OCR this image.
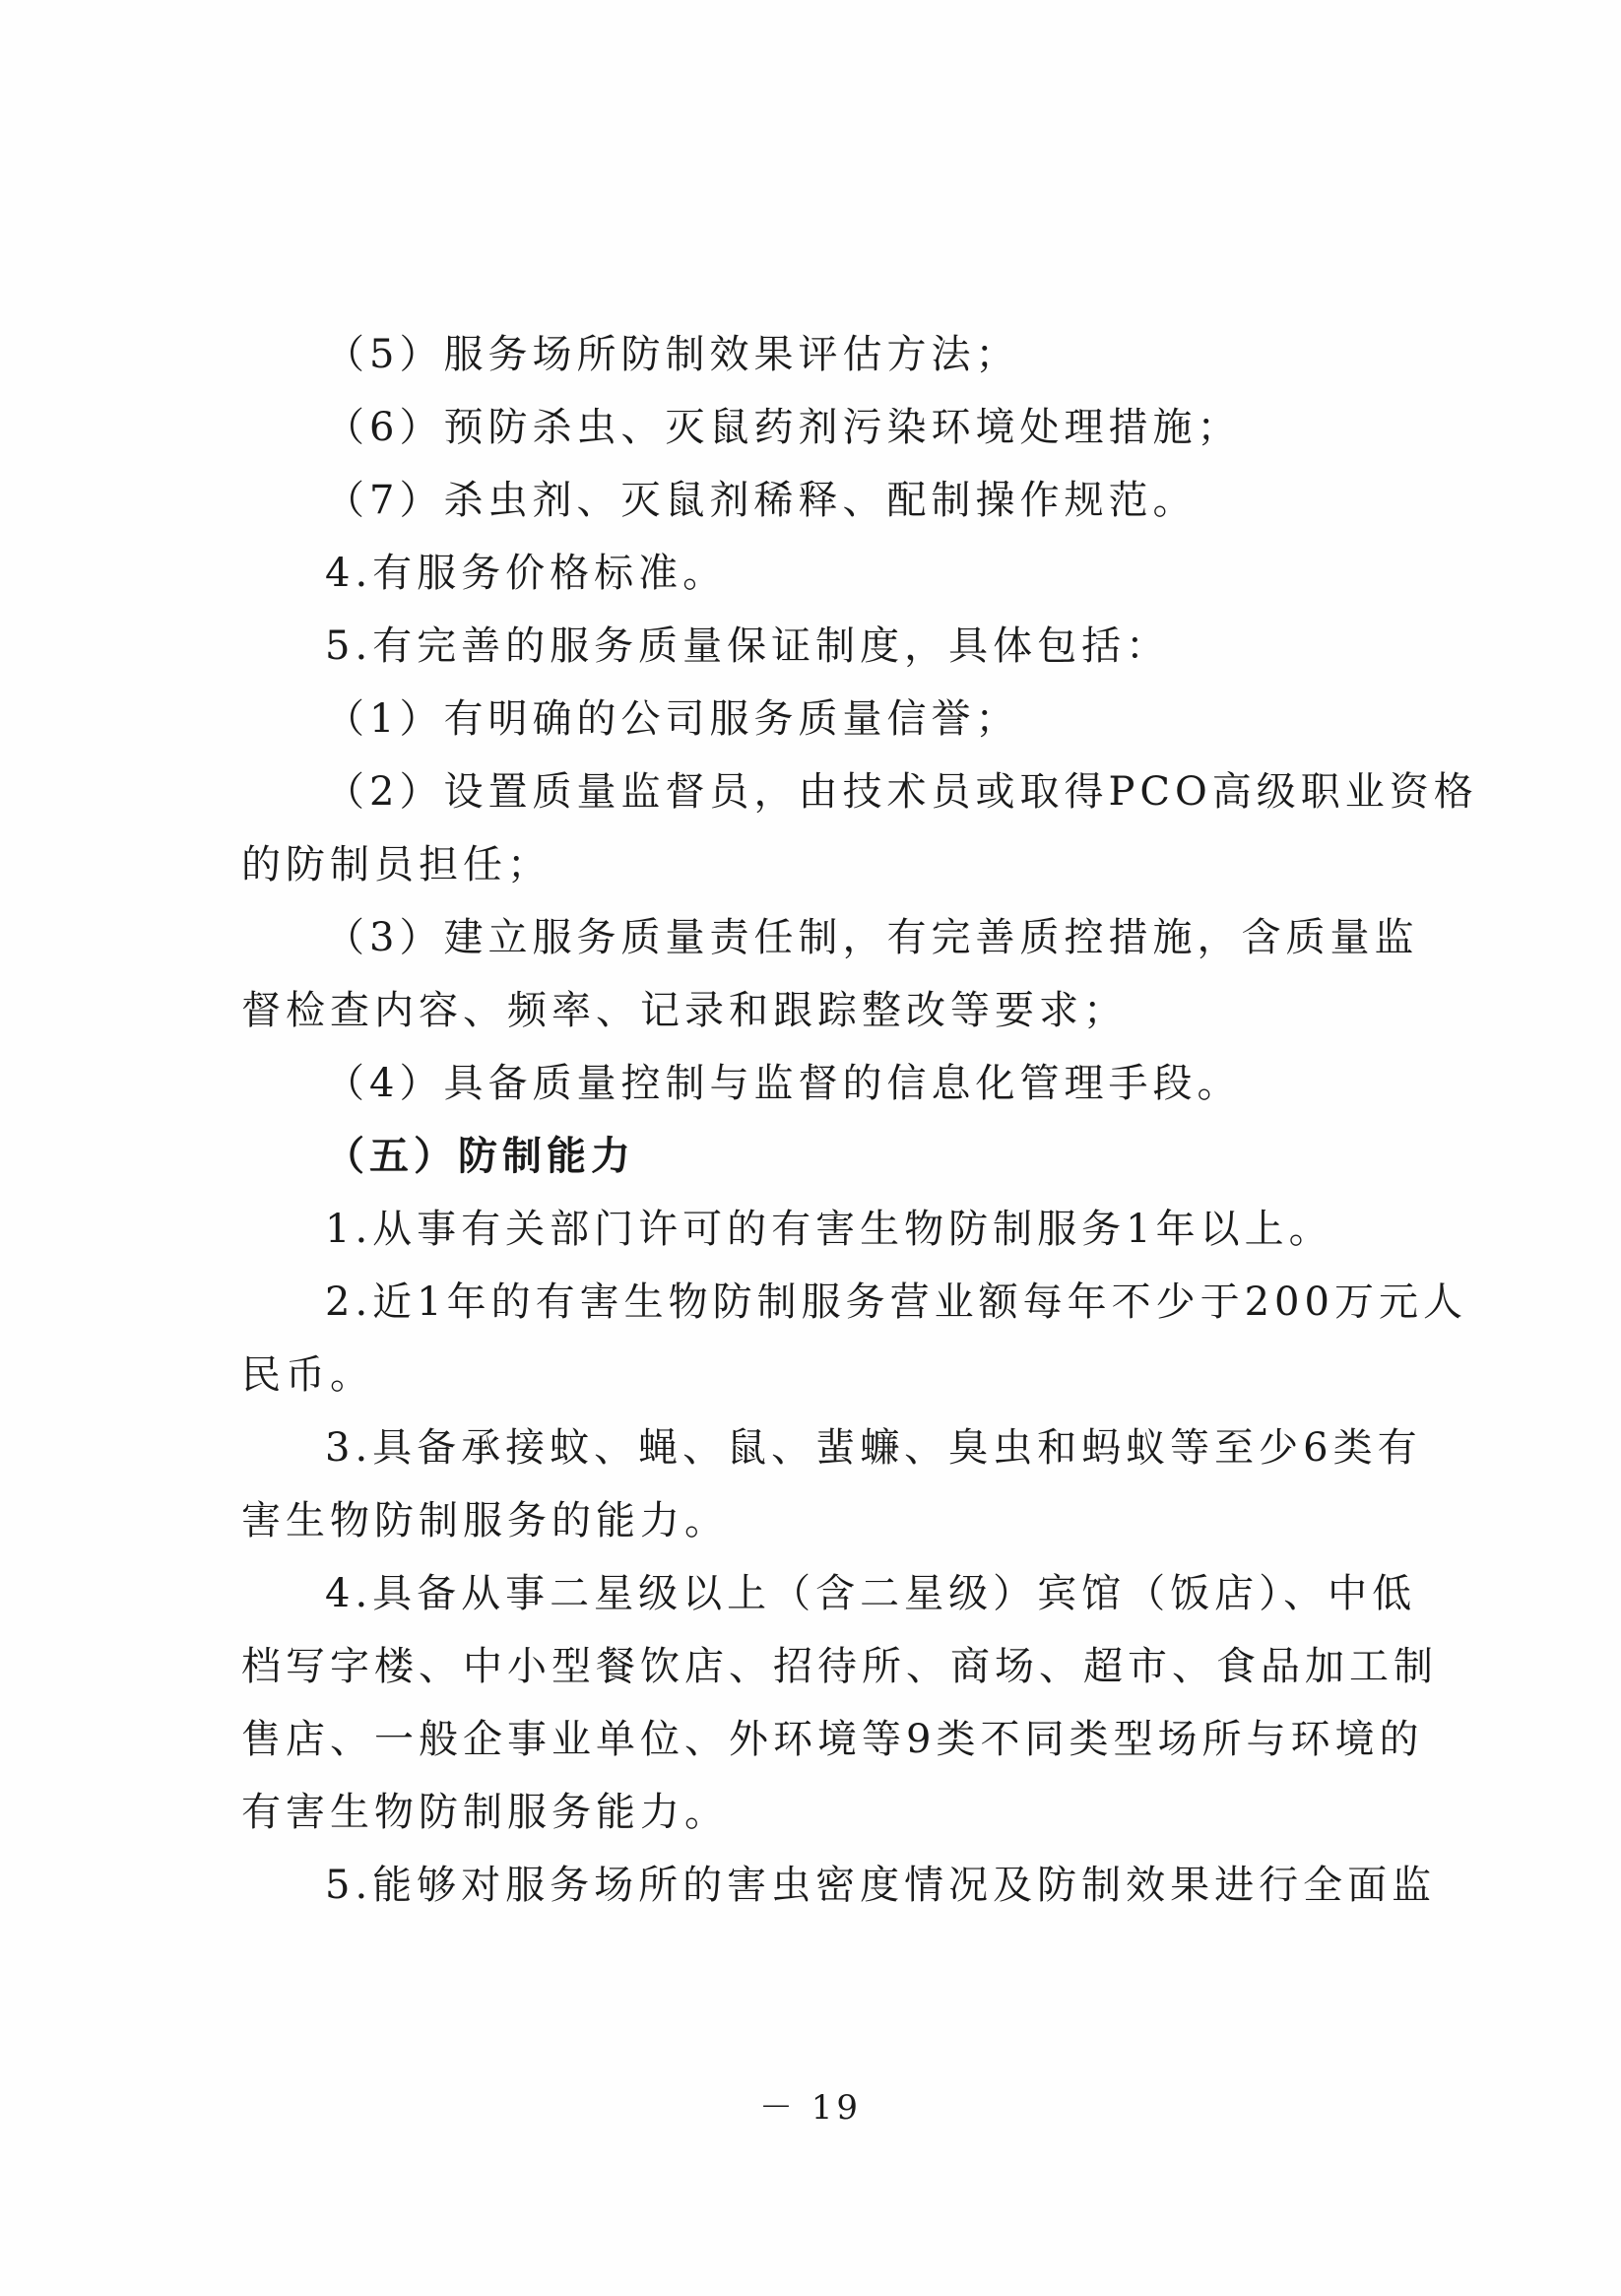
（5）服务场所防制效果评估方法；
（6）预防杀虫、灭鼠药剂污染环境处理措施；
（7）杀虫剂、灭鼠剂稀释、配制操作规范。
4.有服务价格标准。
5.有完善的服务质量保证制度，具体包括：
（1）有明确的公司服务质量信誉；
（2）设置质量监督员，由技术员或取得PCO高级职业资格
的防制员担任；
（3）建立服务质量责任制，有完善质控措施，含质量监
督检查内容、频率、记录和跟踪整改等要求；
（4）具备质量控制与监督的信息化管理手段。
（五）防制能力
1.从事有关部门许可的有害生物防制服务1年以上。
2.近1年的有害生物防制服务营业额每年不少于200万元人
民币。
3.具备承接蚊、蝇、鼠、蜚蠊、臭虫和蚂蚁等至少6类有
害生物防制服务的能力。
4.具备从事二星级以上（含二星级）宾馆（饭店）、中低
档写字楼、中小型餐饮店、招待所、商场、超市、食品加工制
售店、一般企事业单位、外环境等9类不同类型场所与环境的
有害生物防制服务能力。
5.能够对服务场所的害虫密度情况及防制效果进行全面监
－ 19
